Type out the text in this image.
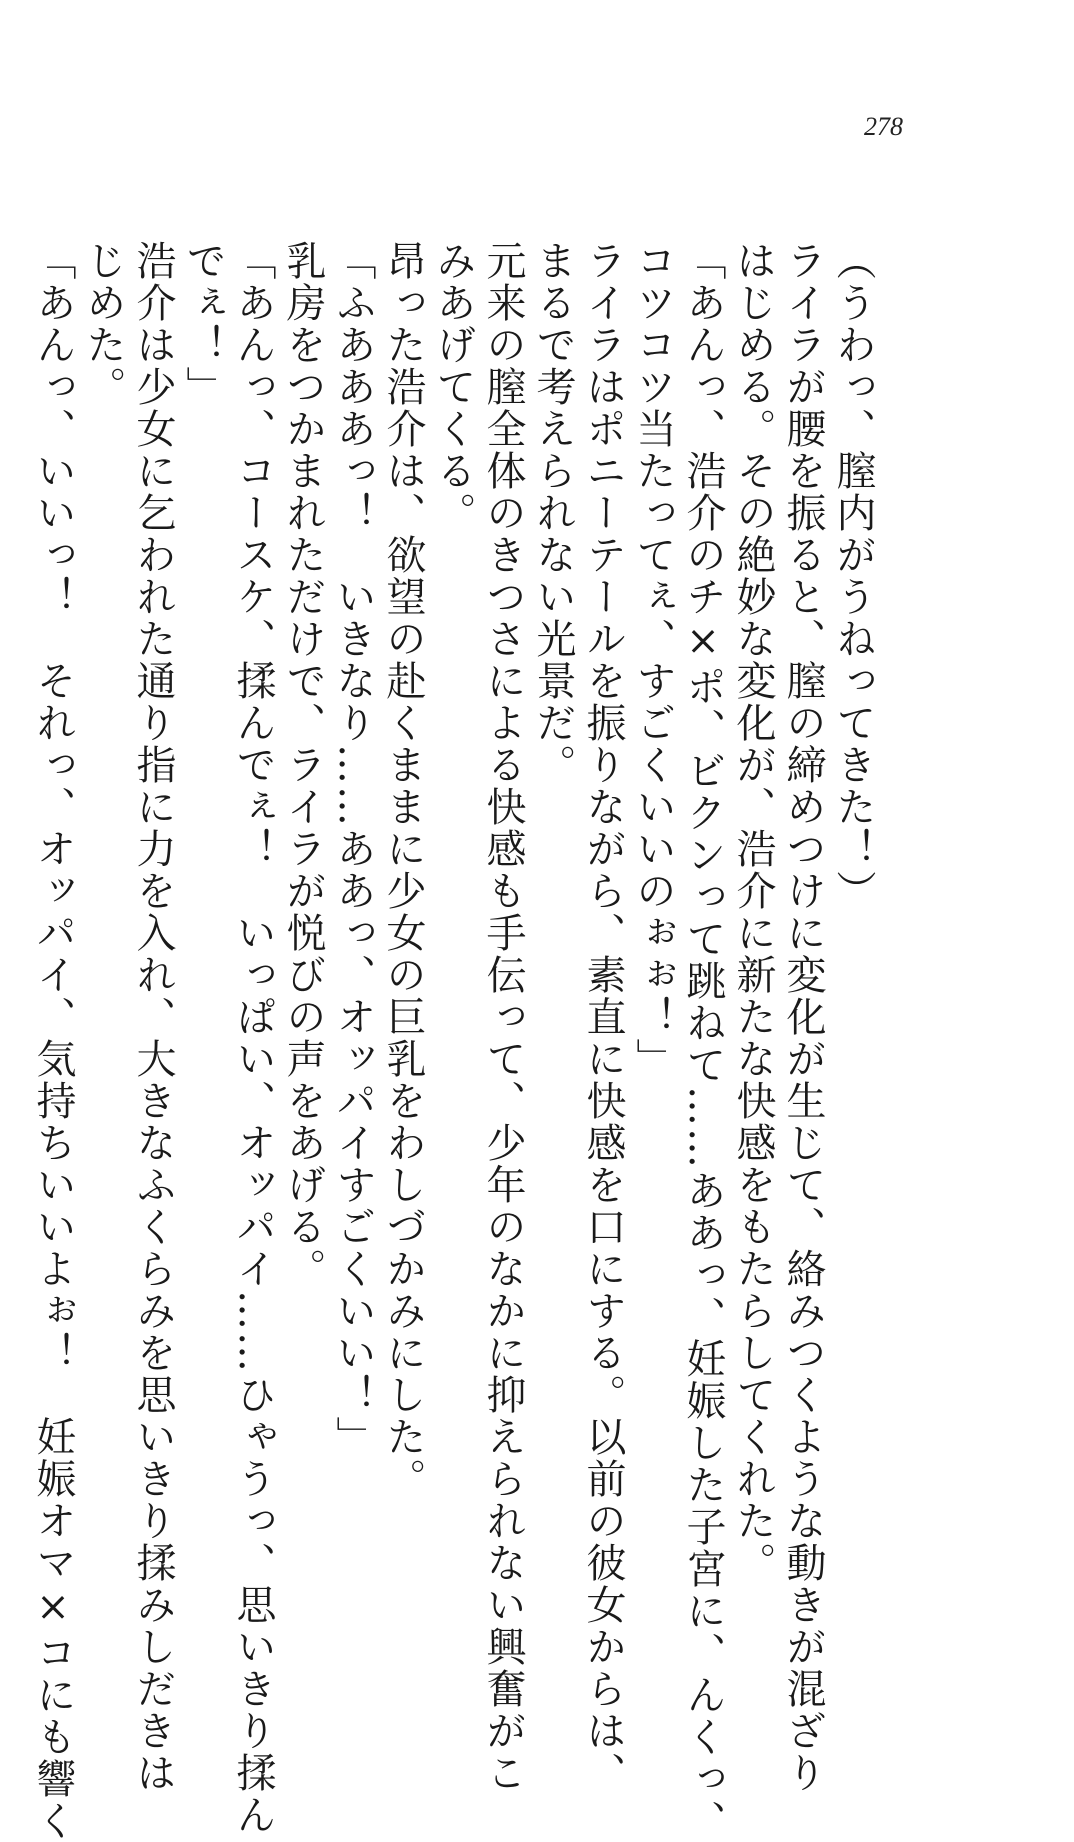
278
（うわっ、膣内がうねってきた！）
ライラが腰を振ると、膣の締めつけに変化が生じて、絡みつくような動きが混ざり
はじめる。その絶妙な変化が、浩介に新たな快感をもたらしてくれた。
「あんっ、浩介のチ×ポ、ビクンって跳ねて……ああっ、妊娠した子宮に、んくっ、
コツコツ当たってぇ、すごくいいのぉぉ！」
ライラはポニーテールを振りながら、素直に快感を口にする。以前の彼女からは、
まるで考えられない光景だ。
元来の膣全体のきつさによる快感も手伝って、少年のなかに抑えられない興奮がこ
みあげてくる。
昂った浩介は、欲望の赴くままに少女の巨乳をわしづかみにした。
「ふあああっ！　いきなり……ああっ、オッパイすごくいい！」
乳房をつかまれただけで、ライラが悦びの声をあげる。
「あんっ、コースケ、揉んでぇ！　いっぱい、オッパイ……ひゃうっ、思いきり揉ん
でぇ！」
浩介は少女に乞われた通り指に力を入れ、大きなふくらみを思いきり揉みしだきは
じめた。
「あんっ、いいっ！　それっ、オッパイ、気持ちいいよぉ！　妊娠オマ×コにも響く
